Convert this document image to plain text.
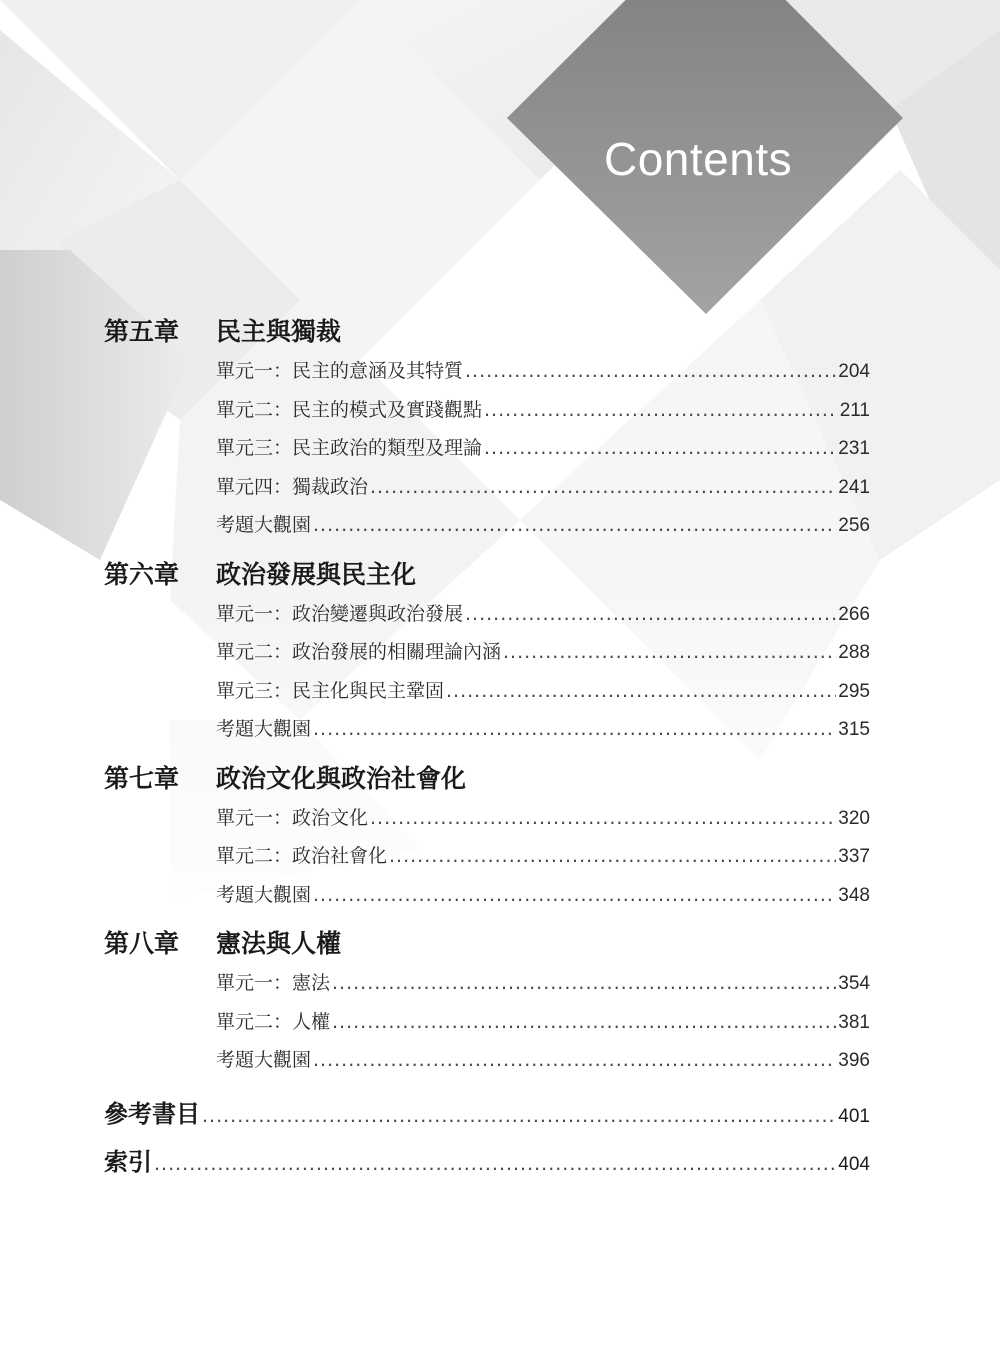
Contents
第五章	民主與獨裁
單元一：民主的意涵及其特質 .....	204
單元二：民主的模式及實踐觀點 .....	211
單元三：民主政治的類型及理論 .....	231
單元四：獨裁政治 .....	241
考題大觀園 .....	256
第六章	政治發展與民主化
單元一：政治變遷與政治發展 .....	266
單元二：政治發展的相關理論內涵 .....	288
單元三：民主化與民主鞏固 .....	295
考題大觀園 .....	315
第七章	政治文化與政治社會化
單元一：政治文化 .....	320
單元二：政治社會化 .....	337
考題大觀園 .....	348
第八章	憲法與人權
單元一：憲法 .....	354
單元二：人權 .....	381
考題大觀園 .....	396
參考書目 .....	401
索引 .....	404
